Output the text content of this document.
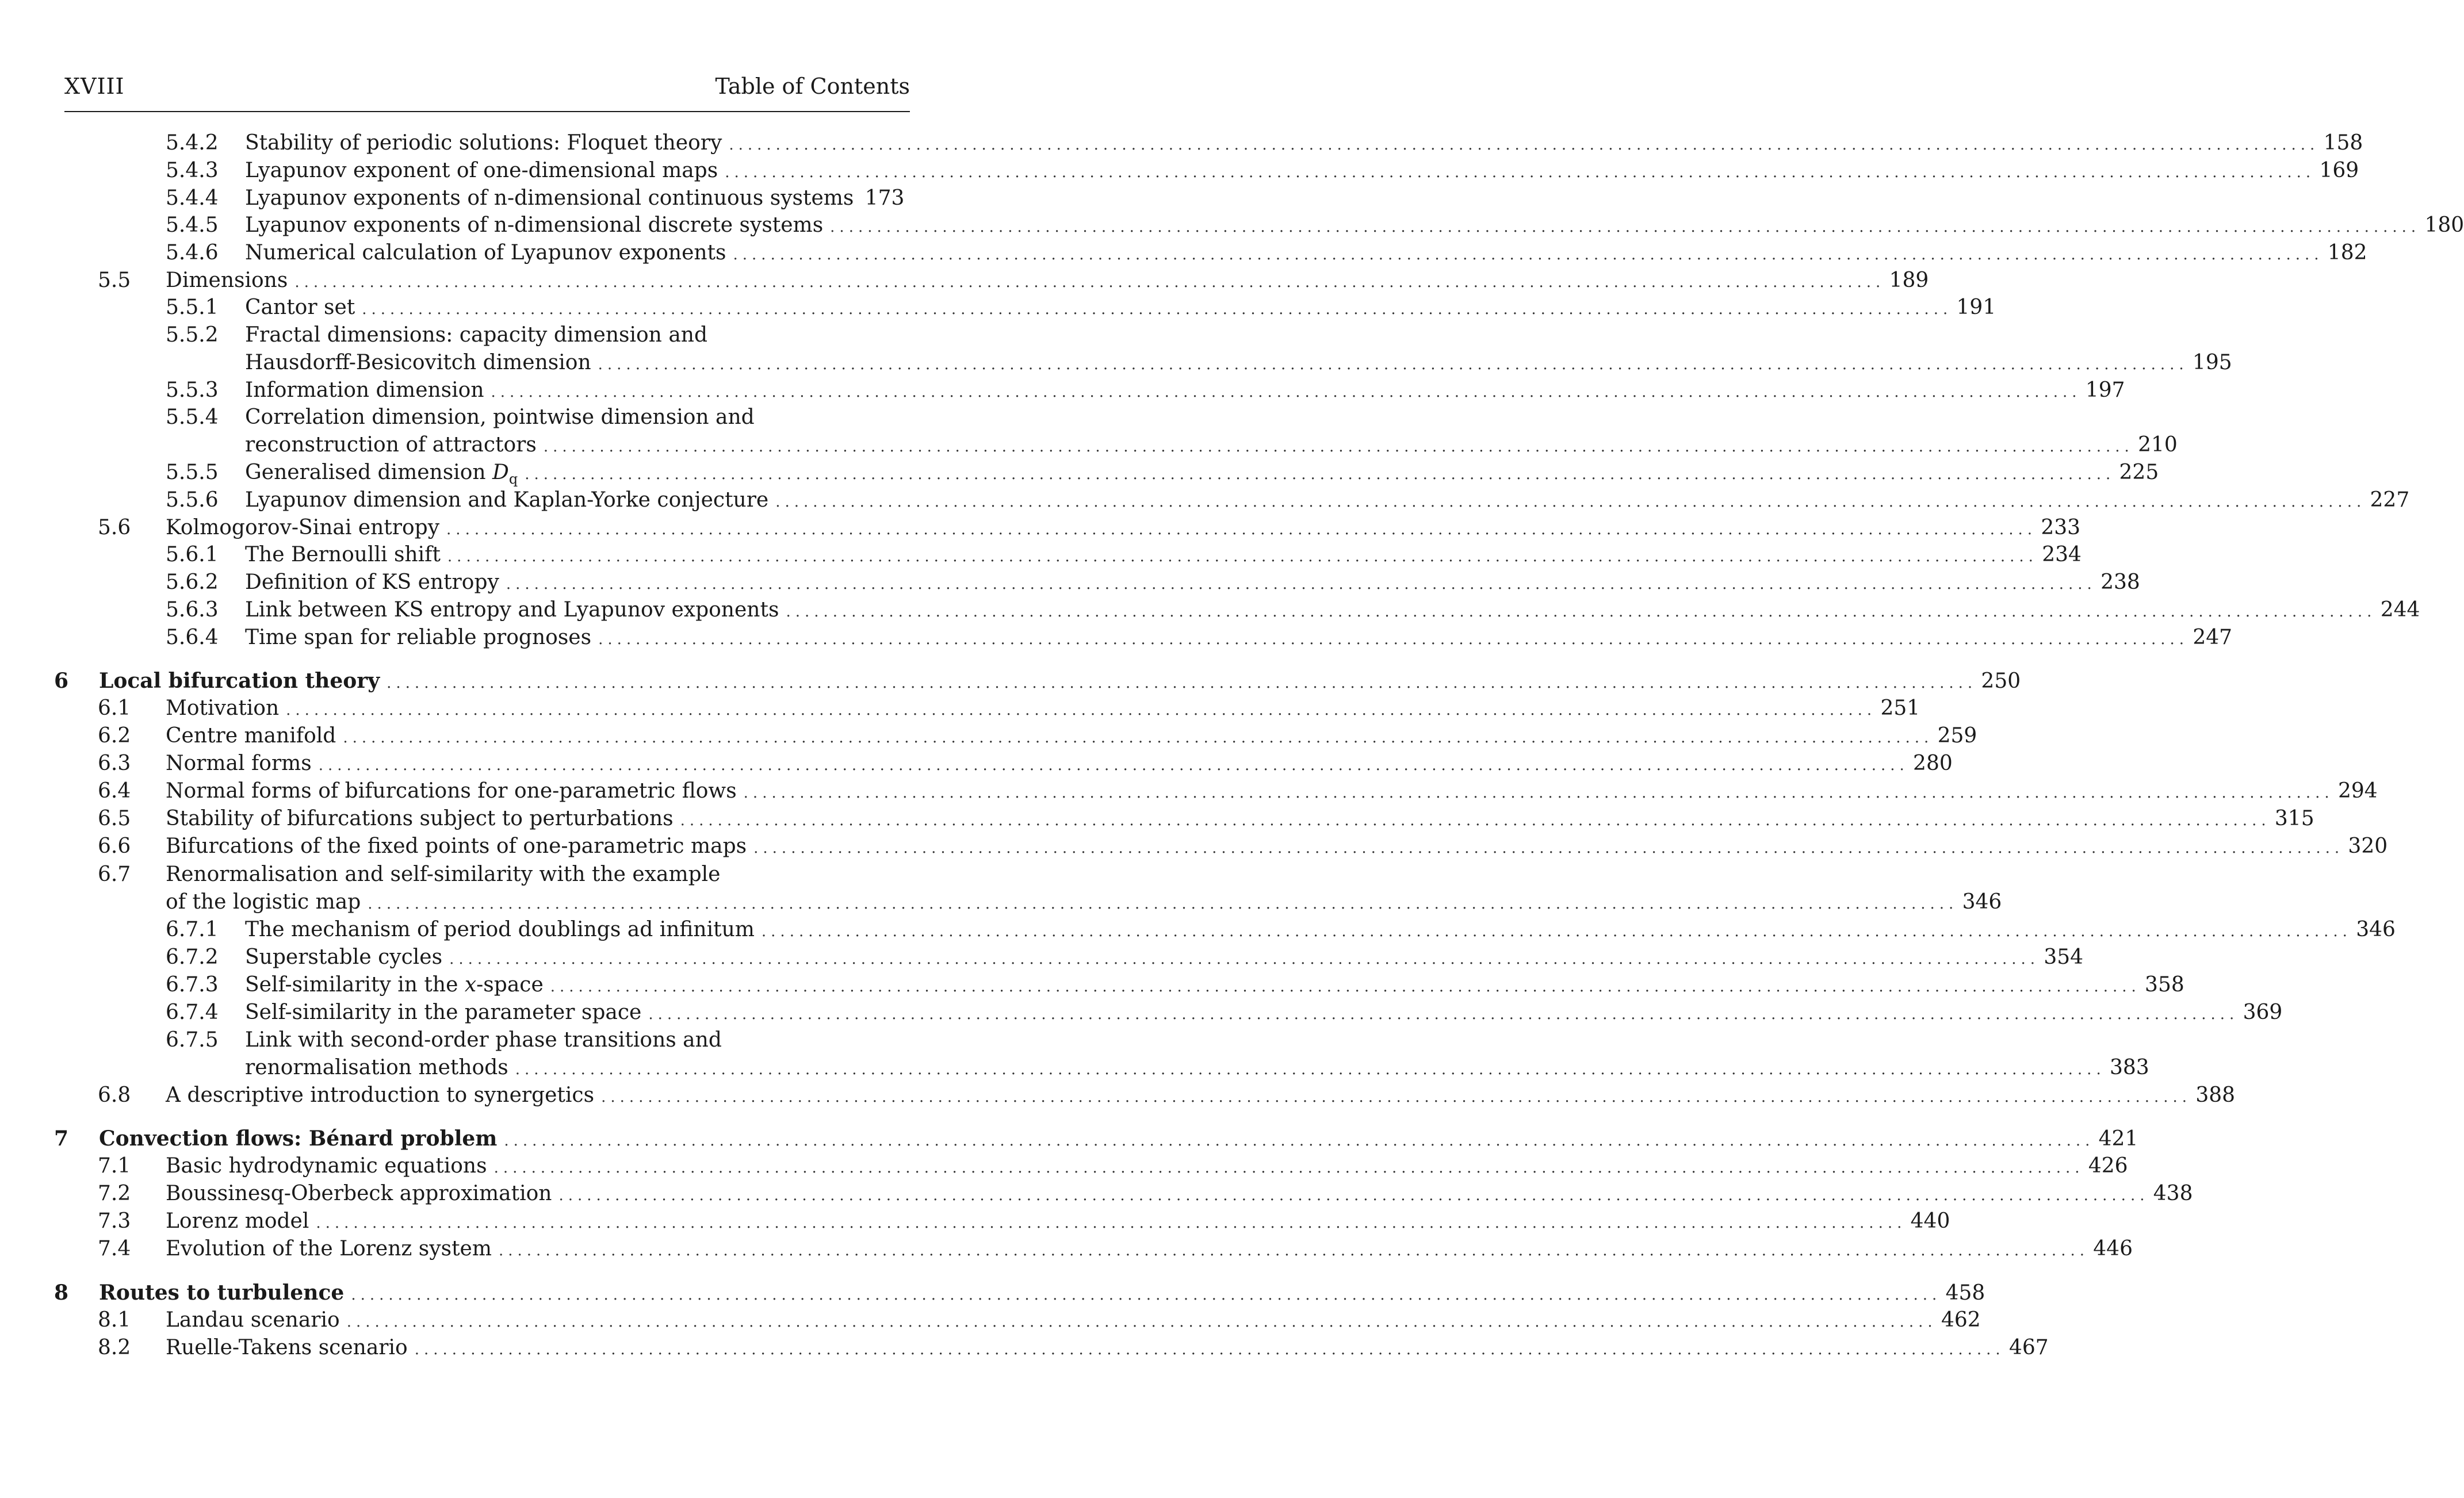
XVIII	Table of Contents
5.4.2 Stability of periodic solutions: Floquet theory .......................................................................................................................................................................... 158
5.4.3 Lyapunov exponent of one-dimensional maps .......................................................................................................................................................................... 169
5.4.4 Lyapunov exponents of n-dimensional continuous systems 173
5.4.5 Lyapunov exponents of n-dimensional discrete systems .......................................................................................................................................................................... 180
5.4.6 Numerical calculation of Lyapunov exponents .......................................................................................................................................................................... 182
5.5 Dimensions .......................................................................................................................................................................... 189
5.5.1 Cantor set .......................................................................................................................................................................... 191
5.5.2 Fractal dimensions: capacity dimension and
Hausdorff-Besicovitch dimension .......................................................................................................................................................................... 195
5.5.3 Information dimension .......................................................................................................................................................................... 197
5.5.4 Correlation dimension, pointwise dimension and
reconstruction of attractors .......................................................................................................................................................................... 210
5.5.5 Generalised dimension $D_q$ .......................................................................................................................................................................... 225
5.5.6 Lyapunov dimension and Kaplan-Yorke conjecture .......................................................................................................................................................................... 227
5.6 Kolmogorov-Sinai entropy .......................................................................................................................................................................... 233
5.6.1 The Bernoulli shift .......................................................................................................................................................................... 234
5.6.2 Definition of KS entropy .......................................................................................................................................................................... 238
5.6.3 Link between KS entropy and Lyapunov exponents .......................................................................................................................................................................... 244
5.6.4 Time span for reliable prognoses .......................................................................................................................................................................... 247
6 Local bifurcation theory .......................................................................................................................................................................... 250
6.1 Motivation .......................................................................................................................................................................... 251
6.2 Centre manifold .......................................................................................................................................................................... 259
6.3 Normal forms .......................................................................................................................................................................... 280
6.4 Normal forms of bifurcations for one-parametric flows .......................................................................................................................................................................... 294
6.5 Stability of bifurcations subject to perturbations .......................................................................................................................................................................... 315
6.6 Bifurcations of the fixed points of one-parametric maps .......................................................................................................................................................................... 320
6.7 Renormalisation and self-similarity with the example
of the logistic map .......................................................................................................................................................................... 346
6.7.1 The mechanism of period doublings ad infinitum .......................................................................................................................................................................... 346
6.7.2 Superstable cycles .......................................................................................................................................................................... 354
6.7.3 Self-similarity in the x-space .......................................................................................................................................................................... 358
6.7.4 Self-similarity in the parameter space .......................................................................................................................................................................... 369
6.7.5 Link with second-order phase transitions and
renormalisation methods .......................................................................................................................................................................... 383
6.8 A descriptive introduction to synergetics .......................................................................................................................................................................... 388
7 Convection flows: Bénard problem .......................................................................................................................................................................... 421
7.1 Basic hydrodynamic equations .......................................................................................................................................................................... 426
7.2 Boussinesq-Oberbeck approximation .......................................................................................................................................................................... 438
7.3 Lorenz model .......................................................................................................................................................................... 440
7.4 Evolution of the Lorenz system .......................................................................................................................................................................... 446
8 Routes to turbulence .......................................................................................................................................................................... 458
8.1 Landau scenario .......................................................................................................................................................................... 462
8.2 Ruelle-Takens scenario .......................................................................................................................................................................... 467
